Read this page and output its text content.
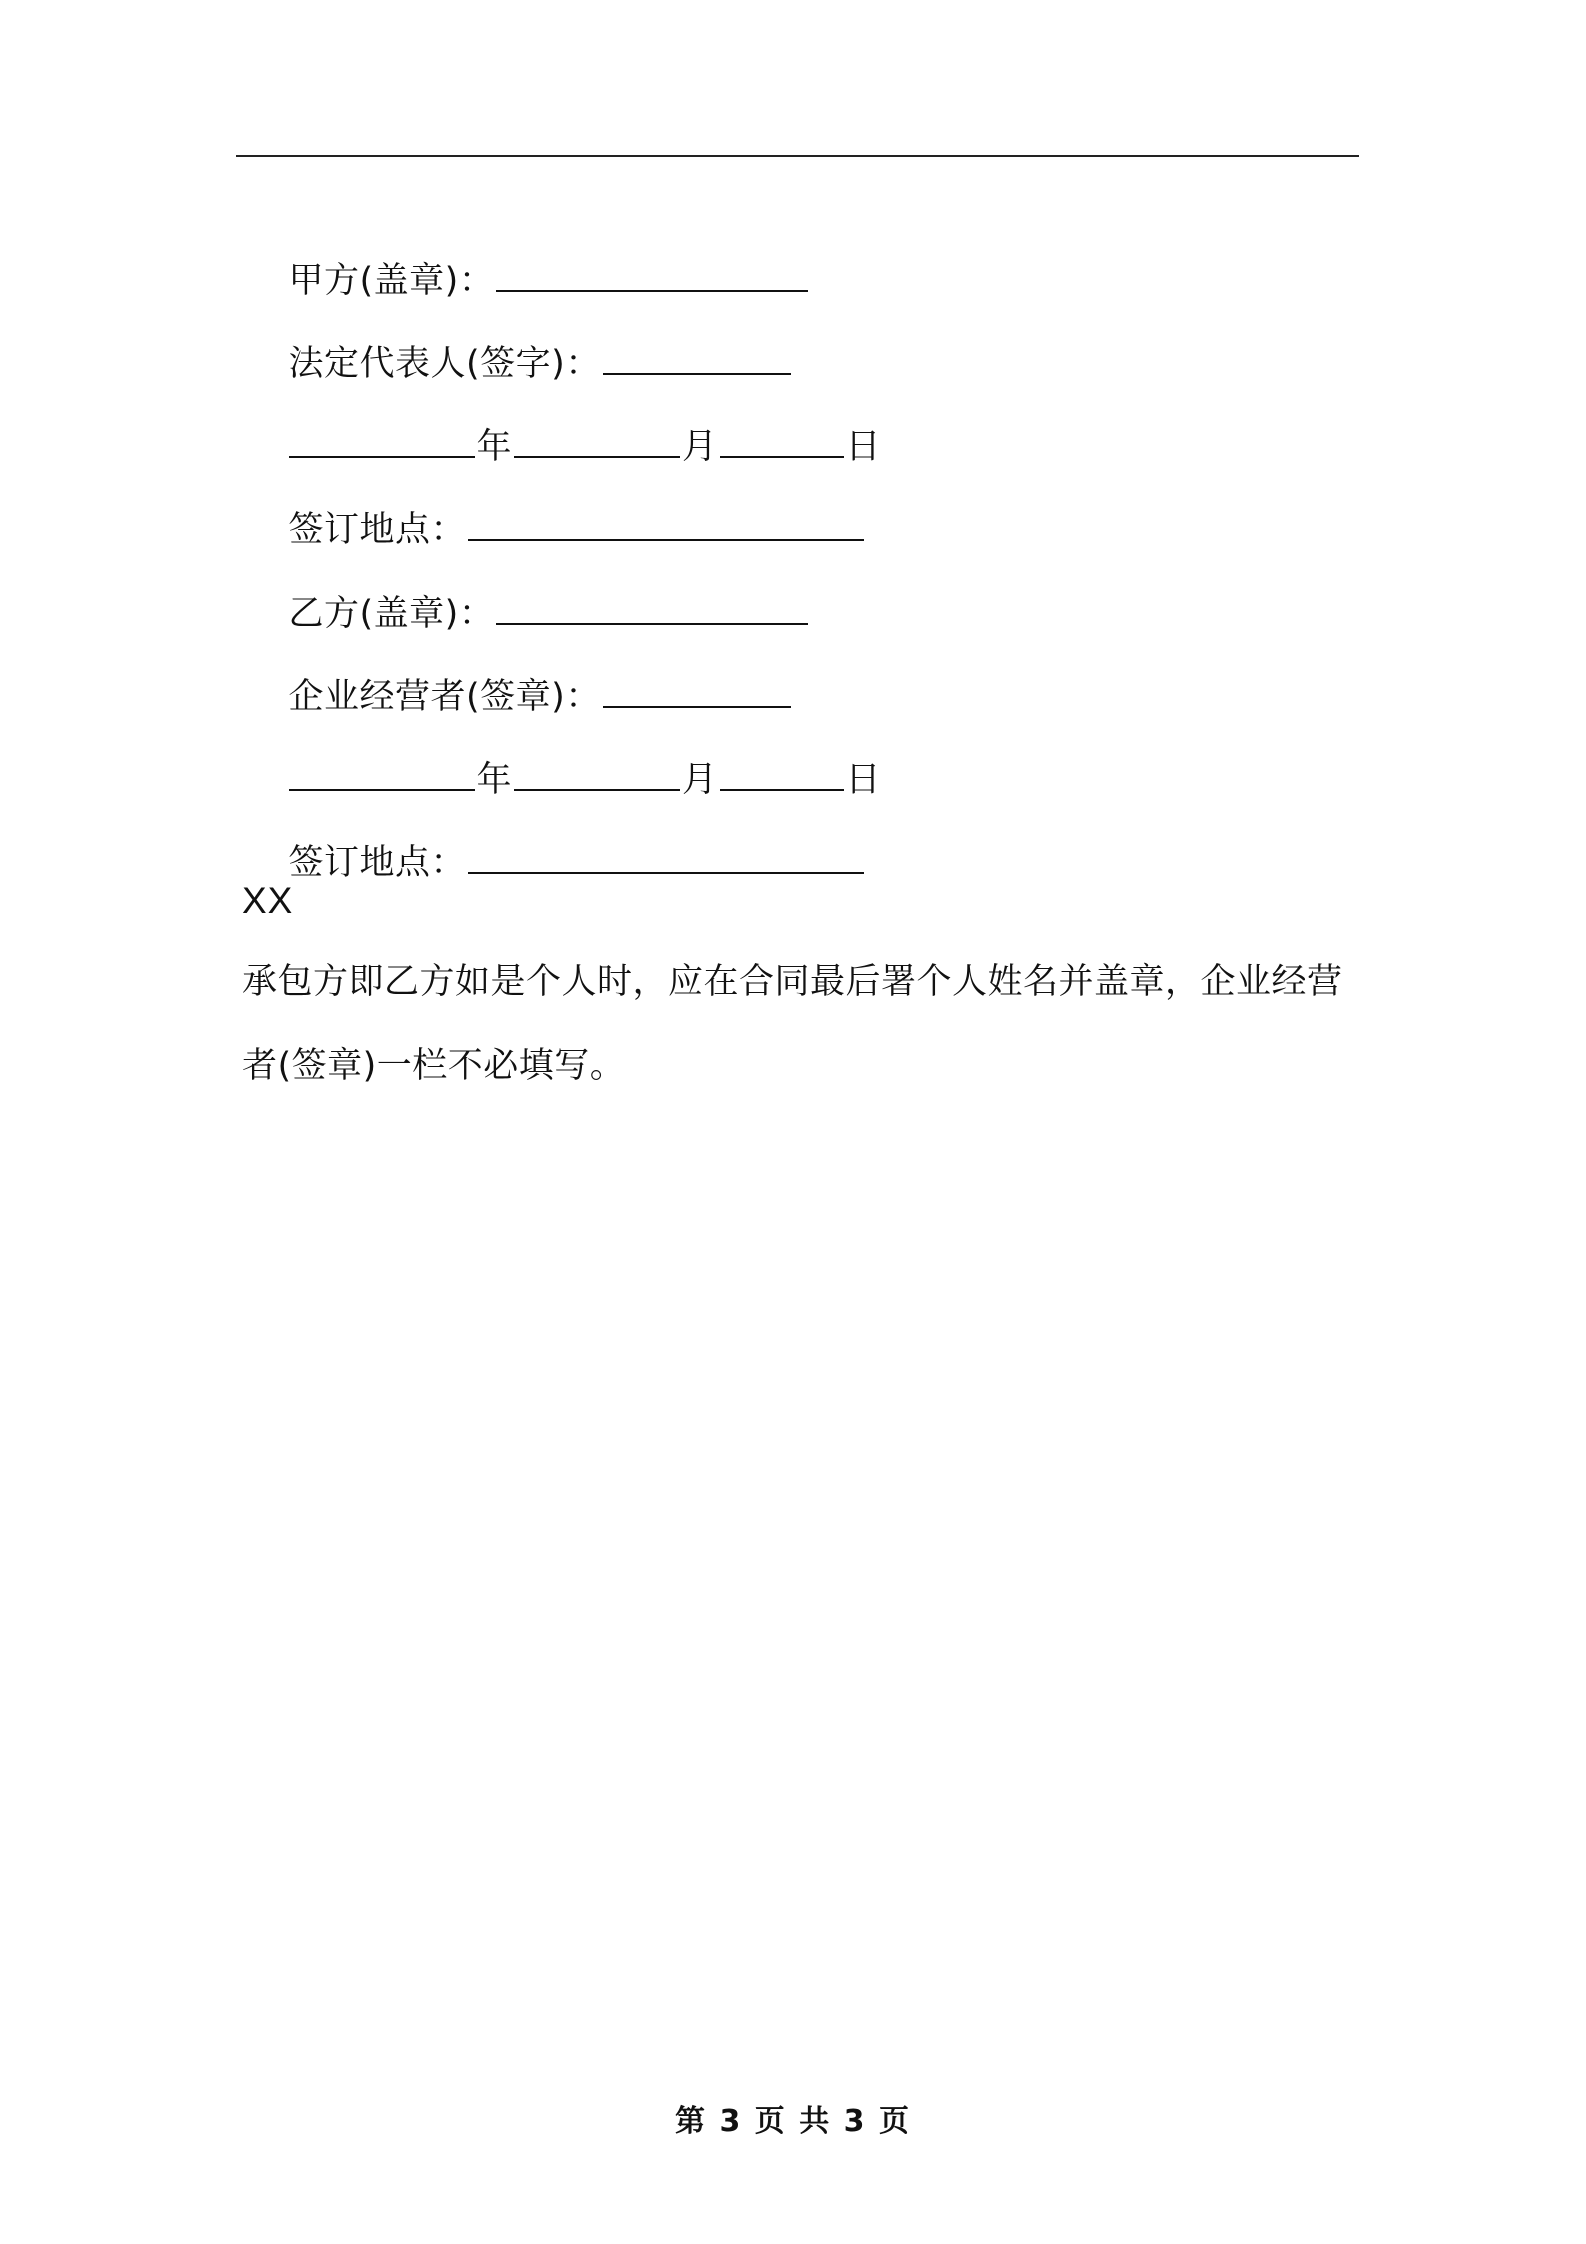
甲方(盖章)：

法定代表人(签字)：

年	月	日

签订地点：

乙方(盖章)：

企业经营者(签章)：

年	月	日

签订地点：

XX
承包方即乙方如是个人时，应在合同最后署个人姓名并盖章，企业经营者(签章)一栏不必填写。
第 3 页 共 3 页
